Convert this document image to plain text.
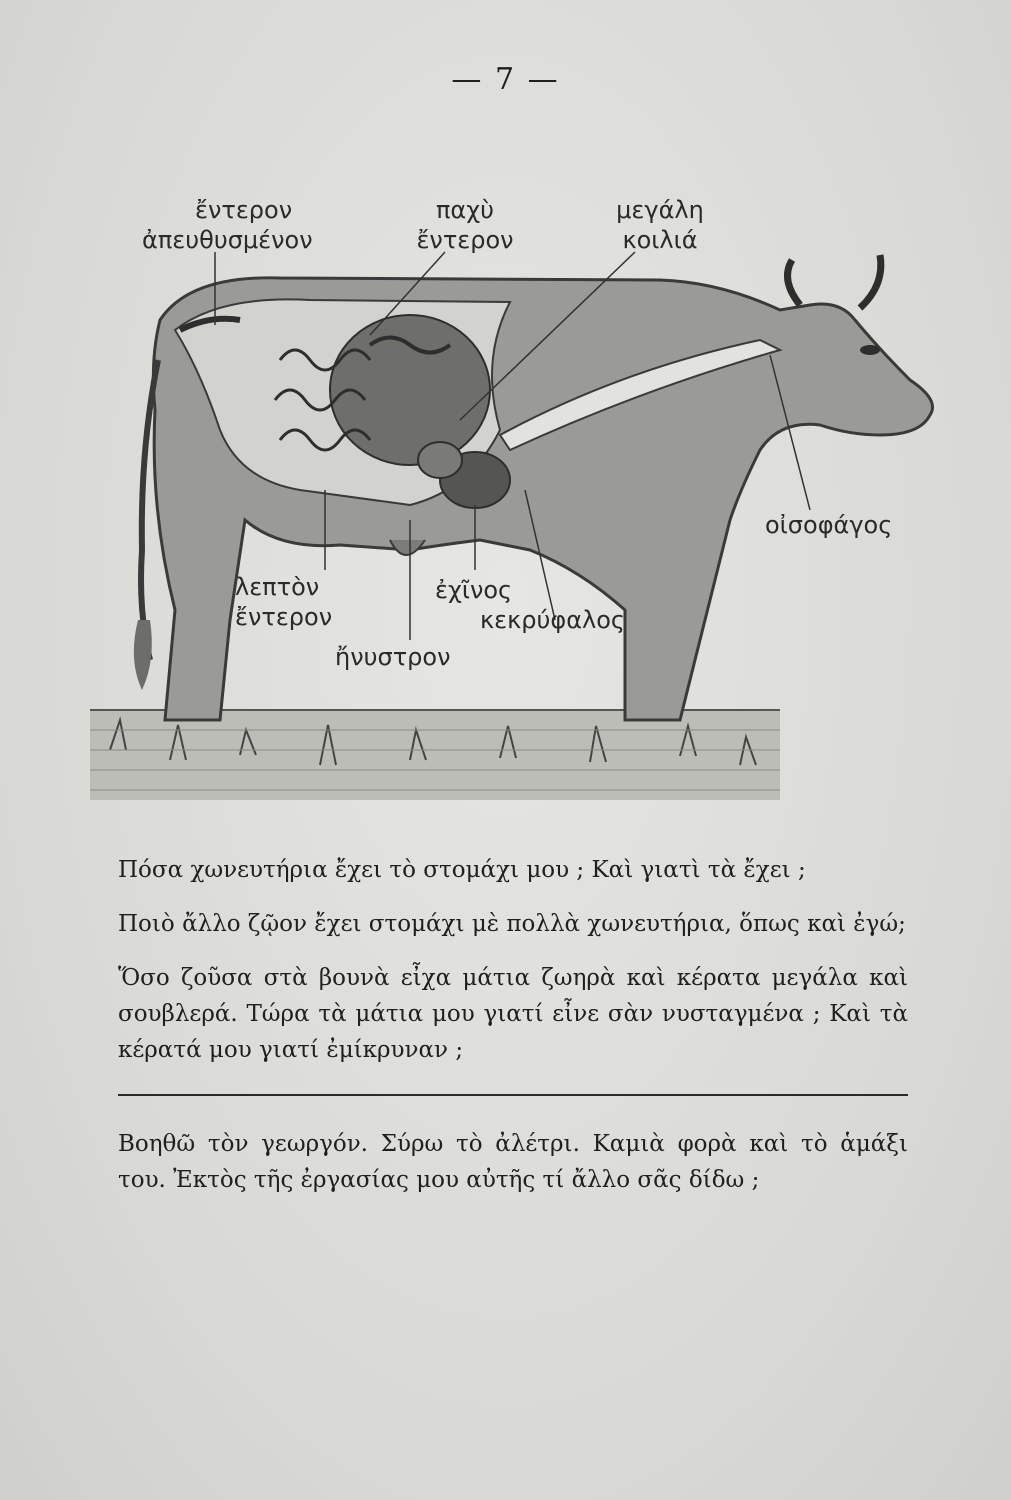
— 7 —
ἔντερον
ἀπευθυσμένον
παχὺ
ἔντερον
μεγάλη
κοιλιά
οἰσοφάγος
λεπτὸν
ἔντερον
ἐχῖνος
κεκρύφαλος
ἤνυστρον

Πόσα χωνευτήρια ἔχει τὸ στομάχι μου ; Καὶ γιατὶ τὰ ἔχει ;

Ποιὸ ἄλλο ζῷον ἔχει στομάχι μὲ πολλὰ χωνευτήρια, ὅπως καὶ ἐγώ;

Ὅσο ζοῦσα στὰ βουνὰ εἶχα μάτια ζωηρὰ καὶ κέρατα μεγάλα καὶ σουβλερά. Τώρα τὰ μάτια μου γιατί εἶνε σὰν νυσταγμένα ; Καὶ τὰ κέρατά μου γιατί ἐμίκρυναν ;

Βοηθῶ τὸν γεωργόν. Σύρω τὸ ἀλέτρι. Καμιὰ φορὰ καὶ τὸ ἁμάξι του. Ἐκτὸς τῆς ἐργασίας μου αὐτῆς τί ἄλλο σᾶς δίδω ;
